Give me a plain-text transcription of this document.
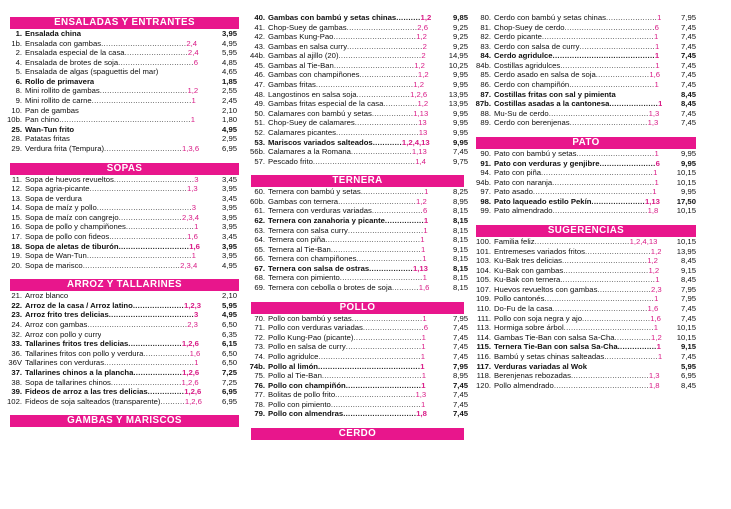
ENSALADAS Y ENTRANTES
1. Ensalada china	3,95
1b. Ensalada con gambas...................................2,4	4,95
2. Ensalada especial de la casa..........................2,4	5,95
4. Ensalada de brotes de soja...............................6	4,85
5. Ensalada de algas (spaguettis del mar)	4,65
6. Rollo de primavera	1,85
8. Mini rollito de gambas....................................1,2	2,55
9. Mini rollito de carne.........................................1	2,45
10. Pan de gambas	2,10
10b. Pan chino......................................................1	1,80
25. Wan-Tun frito	4,95
28. Patatas fritas	2,95
29. Verdura frita (Tempura)................................1,3,6	6,95
SOPAS
11. Sopa de huevos revueltos.................................3	3,45
12. Sopa agria-picante........................................1,3	3,95
13. Sopa de verdura	3,45
14. Sopa de maíz y pollo.......................................3	3,95
15. Sopa de maíz con cangrejo..........................2,3,4	3,95
16. Sopa de pollo y champiñones............................1	3,95
17. Sopa de pollo con fideos................................1,6	3,45
18. Sopa de aletas de tiburón.............................1,6	3,95
19. Sopa de Wan-Tun...........................................1	3,95
20. Sopa de marisco........................................2,3,4	4,95
ARROZ Y TALLARINES
21. Arroz blanco	2,10
22. Arroz de la casa / Arroz latino.....................1,2,3	5,95
23. Arroz frito tres delicias...................................3	4,95
24. Arroz con gambas.........................................2,3	6,50
32. Arroz con pollo y curry	6,35
33. Tallarines fritos tres delicias......................1,2,6	6,15
36. Tallarines fritos con pollo y verdura...................1,6	6,50
36V Tallarines con verduras.....................................1	6,50
37. Tallarines chinos a la plancha....................1,2,6	7,25
38. Sopa de tallarines chinos.............................1,2,6	7,25
39. Fideos de arroz a las tres delicias...............1,2,6	6,95
102. Fideos de soja salteados (transparente)..........1,2,6	6,95
GAMBAS Y MARISCOS
40. Gambas con bambú y setas chinas..........1,2	9,85
41. Chop-Suey de gambas.............................2,6	9,25
42. Gambas Kung-Pao..................................1,2	9,25
43. Gambas en salsa curry...............................2	9,25
44b. Gambas al ajillo (20)..................................2	14,95
45. Gambas al Tie-Ban.................................1,2	10,25
46. Gambas con champiñones........................1,2	9,95
47. Gambas fritas........................................1,2	9,95
48. Langostinos en salsa soja......................1,2,6	13,95
49. Gambas fritas especial de la casa..............1,2	13,95
50. Calamares con bambú y setas.................1,13	9,95
51. Chop-Suey de calamares..........................13	9,95
52. Calamares picantes..................................13	9,95
53. Mariscos variados salteados............1,2,4,13	9,95
56b. Calamares a la Romana.........................1,13	7,45
57. Pescado frito..........................................1,4	9,75
TERNERA
60. Ternera con bambú y setas..........................1	8,25
60b. Gambas con ternera................................1,2	8,95
61. Ternera con verduras variadas.....................6	8,15
62. Ternera con zanahoria y picante................1	8,15
63. Ternera con salsa curry...............................1	8,15
64. Ternera con piña.......................................1	8,15
65. Ternera al Tie-Ban.....................................1	9,15
66. Ternera con champiñones...........................1	8,15
67. Ternera con salsa de ostras..................1,13	8,15
68. Ternera con pimiento..................................1	8,15
69. Ternera con cebolla o brotes de soja...........1,6	8,15
POLLO
70. Pollo con bambú y setas.............................1	7,95
71. Pollo con verduras variadas.........................6	7,45
72. Pollo Kung-Pao (picante)............................1	7,45
73. Pollo en salsa de curry...............................1	7,45
74. Pollo agridulce..........................................1	7,45
74b. Pollo al limón..........................................1	7,95
75. Pollo al Tie-Ban.........................................1	8,95
76. Pollo con champiñón...............................1	7,45
77. Bolitas de pollo frito.................................1,3	7,45
78. Pollo con pimiento.....................................1	7,45
79. Pollo con almendras..............................1,8	7,45
CERDO
80. Cerdo con bambú y setas chinas.....................1	7,95
81. Chop-Suey de cerdo.....................................6	7,45
82. Cerdo picante..............................................1	7,45
83. Cerdo con salsa de curry...............................1	7,45
84. Cerdo agridulce..........................................1	7,45
84b. Costillas agridulces.......................................1	7,45
85. Cerdo asado en salsa de soja......................1,6	7,45
86. Cerdo con champiñón...................................1	7,45
87. Costillas fritas con sal y pimienta	8,45
87b. Costillas asadas a la cantonesa....................1 8,45
88. Mu-Su de cerdo.........................................1,3	7,45
89. Cerdo con berenjenas................................1,3	7,45
PATO
90. Pato con bambú y setas................................1	9,95
91. Pato con verduras y genjibre.......................6	9,95
94. Pato con piña..............................................1	10,15
94b. Pato con naranja..........................................1 10,15
97. Pato asado.................................................1	9,95
98. Pato laqueado estilo Pekín......................1,13 17,50
99. Pato almendrado.......................................1,8 10,15
SUGERENCIAS
100. Familia feliz.......................................1,2,4,13	10,15
101. Entremeses variados fritos...........................1,2 13,95
103. Ku-Bak tres delicias...................................1,2	8,45
104. Ku-Bak con gambas...................................1,2	9,15
105. Ku-Bak con ternera.......................................1	8,45
107. Huevos revueltos con gambas......................2,3	7,95
109. Pollo cantonés.............................................1	7,95
110. Do-Fu de la casa.......................................1,6	7,45
111. Pollo con soja negra y ajo............................1,6	7,45
113. Hormiga sobre árbol.....................................1 10,15
114. Gambas Tie-Ban con salsa Sa-Cha...............1,2 10,15
115. Ternera Tie-Ban con salsa Sa-Cha................1	9,15
116. Bambú y setas chinas salteadas......................1 7,45
117. Verduras variadas al Wok	5,95
118. Berenjenas rebozadas................................1,3	6,95
120. Pollo almendrado.......................................1,8	8,45
